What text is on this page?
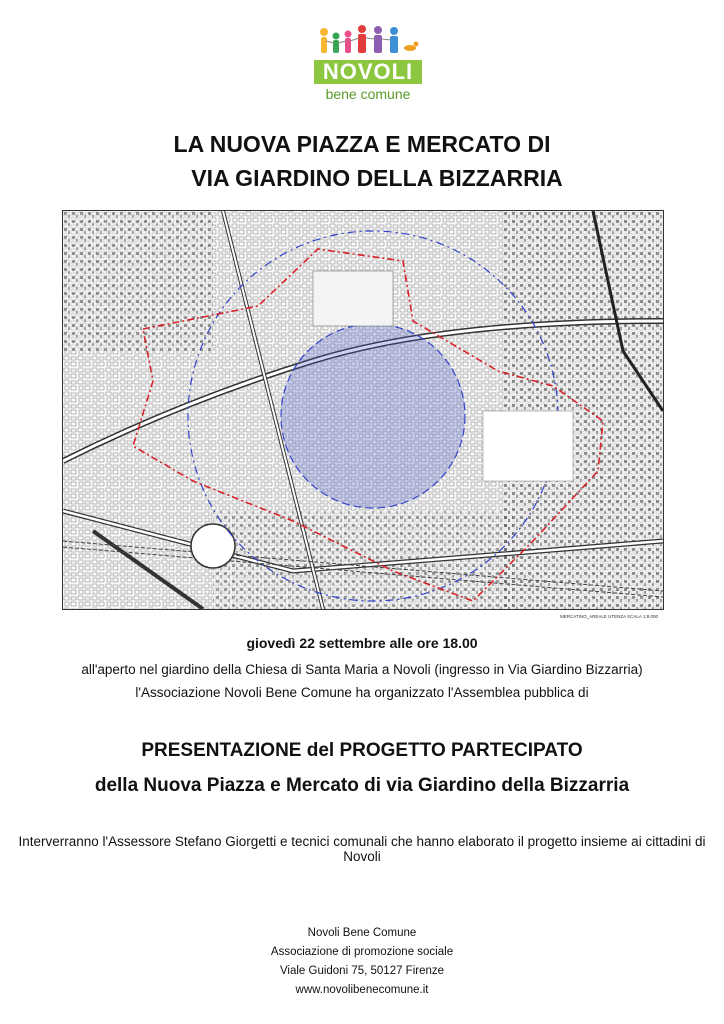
NOVOLI
bene comune
LA NUOVA PIAZZA E MERCATO DI
VIA GIARDINO DELLA BIZZARRIA
MERCATINO_AREALE UTENZA SCALA 1:8.000
giovedì 22 settembre alle ore 18.00
all'aperto nel giardino della Chiesa di Santa Maria a Novoli (ingresso in Via Giardino Bizzarria)
l'Associazione Novoli Bene Comune ha organizzato l'Assemblea pubblica di
PRESENTAZIONE del PROGETTO PARTECIPATO
della Nuova Piazza e Mercato di via Giardino della Bizzarria
Interverranno l'Assessore Stefano Giorgetti e tecnici comunali che hanno elaborato il progetto insieme ai cittadini di Novoli
Novoli Bene Comune
Associazione di promozione sociale
Viale Guidoni 75, 50127 Firenze
www.novolibenecomune.it
